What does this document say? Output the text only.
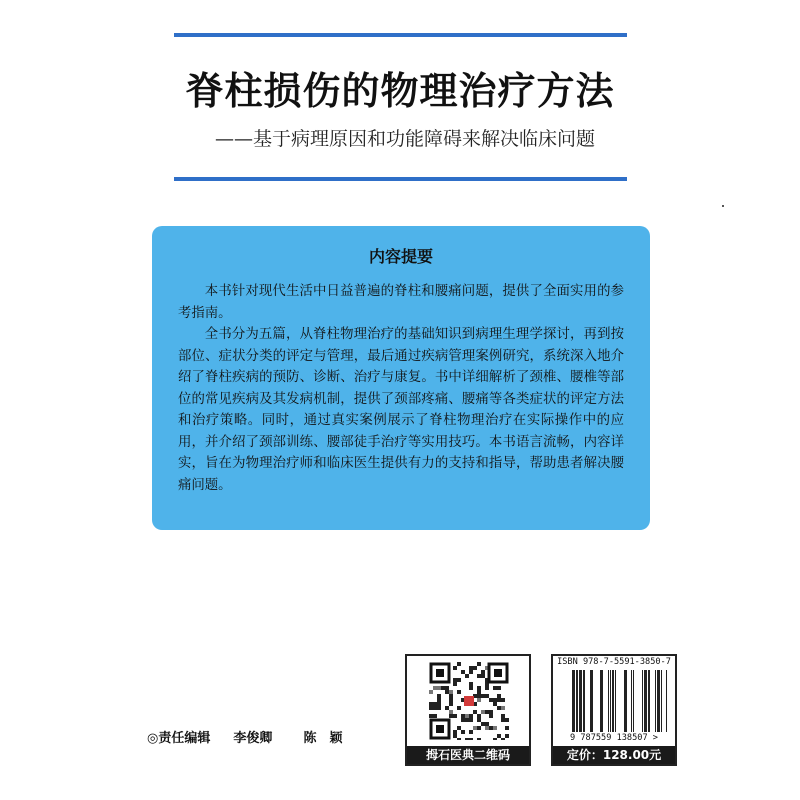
脊柱损伤的物理治疗方法
——基于病理原因和功能障碍来解决临床问题
内容提要

本书针对现代生活中日益普遍的脊柱和腰痛问题，提供了全面实用的参考指南。

全书分为五篇，从脊柱物理治疗的基础知识到病理生理学探讨，再到按部位、症状分类的评定与管理，最后通过疾病管理案例研究，系统深入地介绍了脊柱疾病的预防、诊断、治疗与康复。书中详细解析了颈椎、腰椎等部位的常见疾病及其发病机制，提供了颈部疼痛、腰痛等各类症状的评定方法和治疗策略。同时，通过真实案例展示了脊柱物理治疗在实际操作中的应用，并介绍了颈部训练、腰部徒手治疗等实用技巧。本书语言流畅，内容详实，旨在为物理治疗师和临床医生提供有力的支持和指导，帮助患者解决腰痛问题。

◎责任编辑 李俊卿 陈　颖
拇石医典二维码
ISBN 978-7-5591-3850-7
9 787559 138507 >
定价：128.00元
